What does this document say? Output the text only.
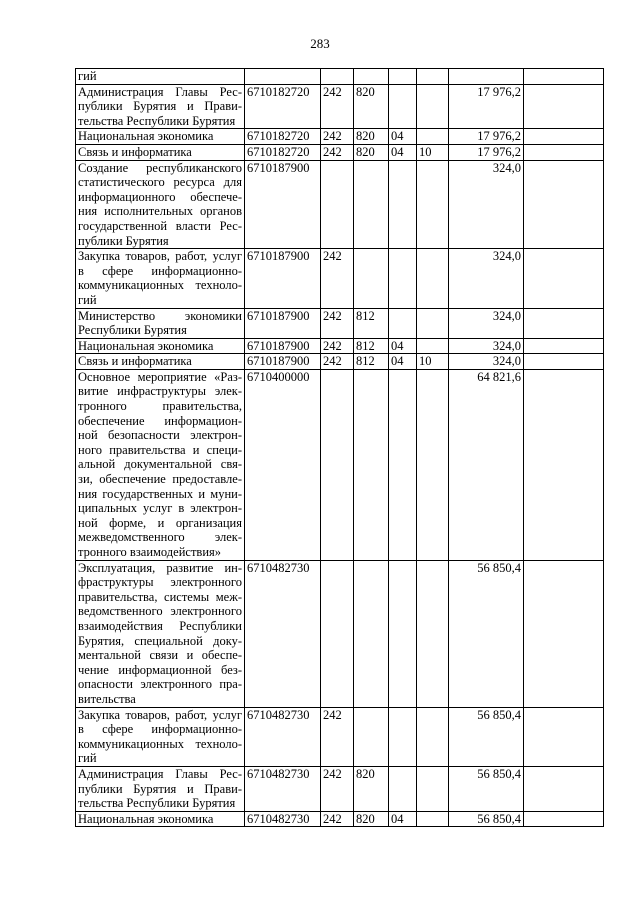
283
гий							
Администрация Главы Рес-публики Бурятия и Прави-тельства Республики Бурятия	6710182720	242	820			17 976,2	
Национальная экономика	6710182720	242	820	04		17 976,2	
Связь и информатика	6710182720	242	820	04	10	17 976,2	
Создание республиканского статистического ресурса для информационного обеспече-ния исполнительных органов государственной власти Рес-публики Бурятия	6710187900					324,0	
Закупка товаров, работ, услуг в сфере информационно-коммуникационных техноло-гий	6710187900	242				324,0	
Министерство экономики Республики Бурятия	6710187900	242	812			324,0	
Национальная экономика	6710187900	242	812	04		324,0	
Связь и информатика	6710187900	242	812	04	10	324,0	
Основное мероприятие «Раз-витие инфраструктуры элек-тронного правительства, обеспечение информацион-ной безопасности электрон-ного правительства и специ-альной документальной свя-зи, обеспечение предоставле-ния государственных и муни-ципальных услуг в электрон-ной форме, и организация межведомственного элек-тронного взаимодействия»	6710400000					64 821,6	
Эксплуатация, развитие ин-фраструктуры электронного правительства, системы меж-ведомственного электронного взаимодействия Республики Бурятия, специальной доку-ментальной связи и обеспе-чение информационной без-опасности электронного пра-вительства	6710482730					56 850,4	
Закупка товаров, работ, услуг в сфере информационно-коммуникационных техноло-гий	6710482730	242				56 850,4	
Администрация Главы Рес-публики Бурятия и Прави-тельства Республики Бурятия	6710482730	242	820			56 850,4	
Национальная экономика	6710482730	242	820	04		56 850,4	
